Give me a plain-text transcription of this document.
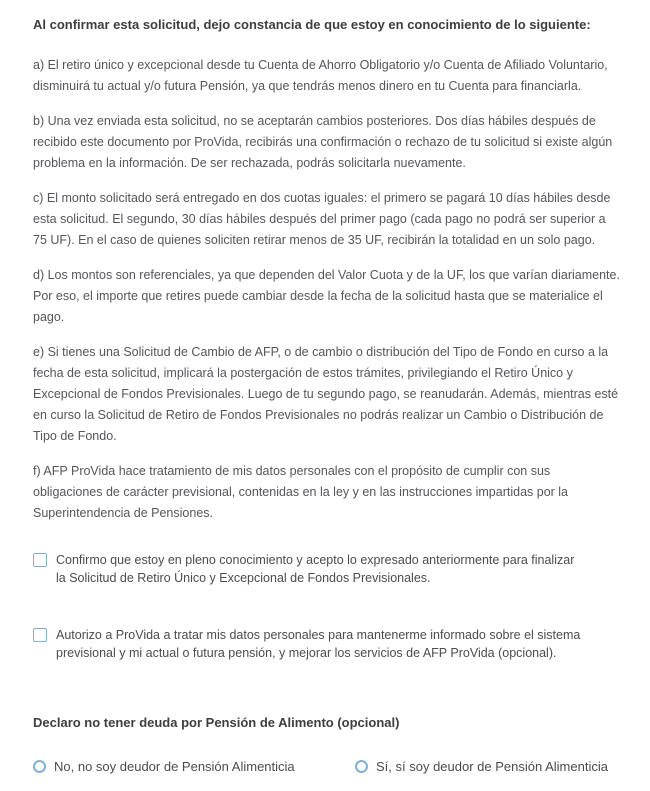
Al confirmar esta solicitud, dejo constancia de que estoy en conocimiento de lo siguiente:

a) El retiro único y excepcional desde tu Cuenta de Ahorro Obligatorio y/o Cuenta de Afiliado Voluntario, disminuirá tu actual y/o futura Pensión, ya que tendrás menos dinero en tu Cuenta para financiarla.

b) Una vez enviada esta solicitud, no se aceptarán cambios posteriores. Dos días hábiles después de recibido este documento por ProVida, recibirás una confirmación o rechazo de tu solicitud si existe algún problema en la información. De ser rechazada, podrás solicitarla nuevamente.

c) El monto solicitado será entregado en dos cuotas iguales: el primero se pagará 10 días hábiles desde esta solicitud. El segundo, 30 días hábiles después del primer pago (cada pago no podrá ser superior a 75 UF). En el caso de quienes soliciten retirar menos de 35 UF, recibirán la totalidad en un solo pago.

d) Los montos son referenciales, ya que dependen del Valor Cuota y de la UF, los que varían diariamente. Por eso, el importe que retires puede cambiar desde la fecha de la solicitud hasta que se materialice el pago.

e) Si tienes una Solicitud de Cambio de AFP, o de cambio o distribución del Tipo de Fondo en curso a la fecha de esta solicitud, implicará la postergación de estos trámites, privilegiando el Retiro Único y Excepcional de Fondos Previsionales. Luego de tu segundo pago, se reanudarán. Además, mientras esté en curso la Solicitud de Retiro de Fondos Previsionales no podrás realizar un Cambio o Distribución de Tipo de Fondo.

f) AFP ProVida hace tratamiento de mis datos personales con el propósito de cumplir con sus obligaciones de carácter previsional, contenidas en la ley y en las instrucciones impartidas por la Superintendencia de Pensiones.

Confirmo que estoy en pleno conocimiento y acepto lo expresado anteriormente para finalizar la Solicitud de Retiro Único y Excepcional de Fondos Previsionales.
Autorizo a ProVida a tratar mis datos personales para mantenerme informado sobre el sistema previsional y mi actual o futura pensión, y mejorar los servicios de AFP ProVida (opcional).
Declaro no tener deuda por Pensión de Alimento (opcional)
No, no soy deudor de Pensión Alimenticia	Sí, sí soy deudor de Pensión Alimenticia
